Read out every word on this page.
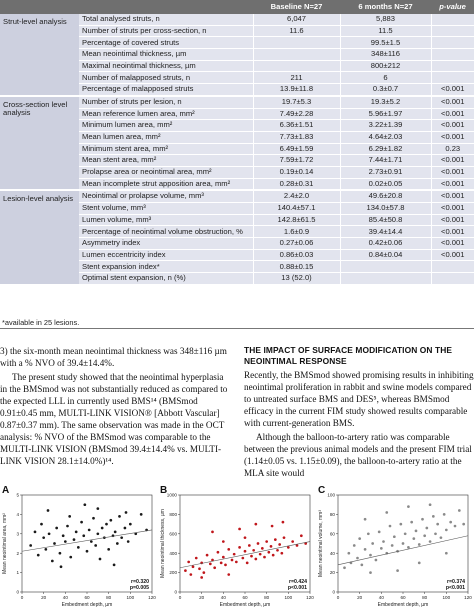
		Baseline N=27	6 months N=27	p-value
Strut-level analysis	Total analysed struts, n	6,047	5,883	
	Number of struts per cross-section, n	11.6	11.5	
	Percentage of covered struts		99.5±1.5	
	Mean neointimal thickness, µm		348±116	
	Maximal neointimal thickness, µm		800±212	
	Number of malapposed struts, n	211	6	
	Percentage of malapposed struts	13.9±11.8	0.3±0.7	<0.001
Cross-section level analysis	Number of struts per lesion, n	19.7±5.3	19.3±5.2	<0.001
	Mean reference lumen area, mm²	7.49±2.28	5.96±1.97	<0.001
	Minimum lumen area, mm²	6.36±1.51	3.22±1.39	<0.001
	Mean lumen area, mm²	7.73±1.83	4.64±2.03	<0.001
	Minimum stent area, mm²	6.49±1.59	6.29±1.82	0.23
	Mean stent area, mm²	7.59±1.72	7.44±1.71	<0.001
	Prolapse area or neointimal area, mm²	0.19±0.14	2.73±0.91	<0.001
	Mean incomplete strut apposition area, mm²	0.28±0.31	0.02±0.05	<0.001
Lesion-level analysis	Neointimal or prolapse volume, mm³	2.4±2.0	49.6±20.8	<0.001
	Stent volume, mm³	140.4±57.1	134.0±57.8	<0.001
	Lumen volume, mm³	142.8±61.5	85.4±50.8	<0.001
	Percentage of neointimal volume obstruction, %	1.6±0.9	39.4±14.4	<0.001
	Asymmetry index	0.27±0.06	0.42±0.06	<0.001
	Lumen eccentricity index	0.86±0.03	0.84±0.04	<0.001
	Stent expansion index*	0.88±0.15		
	Optimal stent expansion, n (%)	13 (52.0)		
*available in 25 lesions.

3) the six-month mean neointimal thickness was 348±116 µm with a % NVO of 39.4±14.4%.

The present study showed that the neointimal hyperplasia in the BMSmod was not substantially reduced as compared to the expected LLL in currently used BMS¹⁴ (BMSmod 0.91±0.45 mm, MULTI-LINK VISION® [Abbott Vascular] 0.87±0.37 mm). The same observation was made in the OCT analysis: % NVO of the BMSmod was comparable to the MULTI-LINK VISION (BMSmod 39.4±14.4% vs. MULTI-LINK VISION 28.1±14.0%)¹⁴.

THE IMPACT OF SURFACE MODIFICATION ON THE NEOINTIMAL RESPONSE

Recently, the BMSmod showed promising results in inhibiting neointimal proliferation in rabbit and swine models compared to untreated surface BMS and DES⁵, whereas BMSmod efficacy in the current FIM study showed results comparable with current-generation BMS.

Although the balloon-to-artery ratio was comparable between the previous animal models and the present FIM trial (1.14±0.05 vs. 1.15±0.09), the balloon-to-artery ratio at the MLA site would

A
0	20	40	60	80	100	120
0
1
2
3
4
5
Embedment depth, µm
Mean neointimal area, mm²
r=0.320
p=0.005
B
0	20	40	60	80	100	120
0
200
400
600
800
1000
Embedment depth, µm
Mean neointimal thickness, µm
r=0.424
p<0.001
C
0	20	40	60	80	100	120
0
20
40
60
80
100
Embedment depth, µm
Mean neointimal volume, mm³
r=0.374
p<0.001
